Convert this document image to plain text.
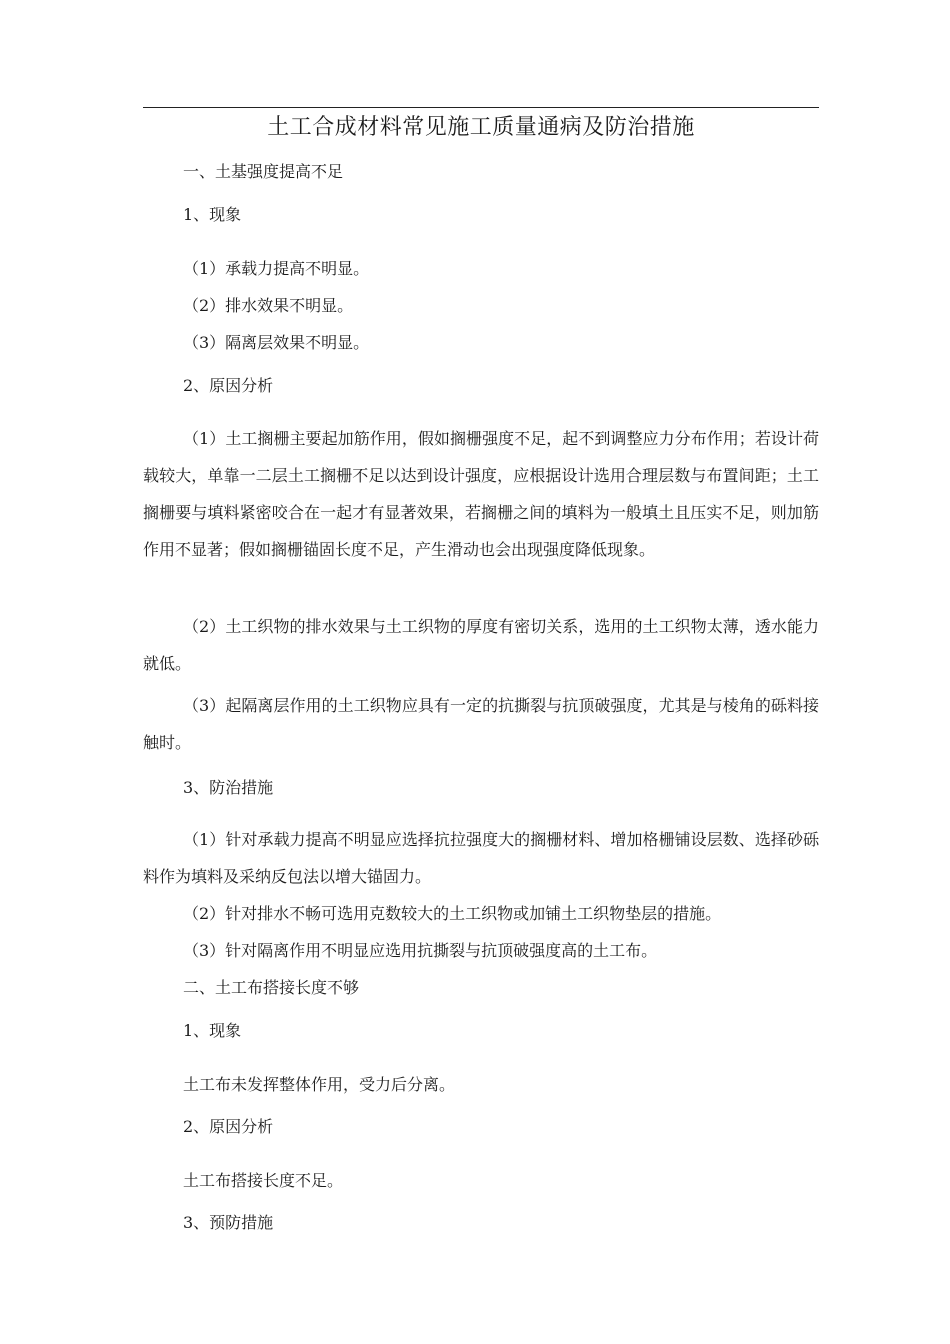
土工合成材料常见施工质量通病及防治措施
一、土基强度提高不足
1、现象
（1）承载力提高不明显。
（2）排水效果不明显。
（3）隔离层效果不明显。
2、原因分析
（1）土工搁栅主要起加筋作用，假如搁栅强度不足，起不到调整应力分布作用；若设计荷载较大，单靠一二层土工搁栅不足以达到设计强度，应根据设计选用合理层数与布置间距；土工搁栅要与填料紧密咬合在一起才有显著效果，若搁栅之间的填料为一般填土且压实不足，则加筋作用不显著；假如搁栅锚固长度不足，产生滑动也会出现强度降低现象。
（2）土工织物的排水效果与土工织物的厚度有密切关系，选用的土工织物太薄，透水能力就低。
（3）起隔离层作用的土工织物应具有一定的抗撕裂与抗顶破强度，尤其是与棱角的砾料接触时。
3、防治措施
（1）针对承载力提高不明显应选择抗拉强度大的搁栅材料、增加格栅铺设层数、选择砂砾料作为填料及采纳反包法以增大锚固力。
（2）针对排水不畅可选用克数较大的土工织物或加铺土工织物垫层的措施。
（3）针对隔离作用不明显应选用抗撕裂与抗顶破强度高的土工布。
二、土工布搭接长度不够
1、现象
土工布未发挥整体作用，受力后分离。
2、原因分析
土工布搭接长度不足。
3、预防措施
